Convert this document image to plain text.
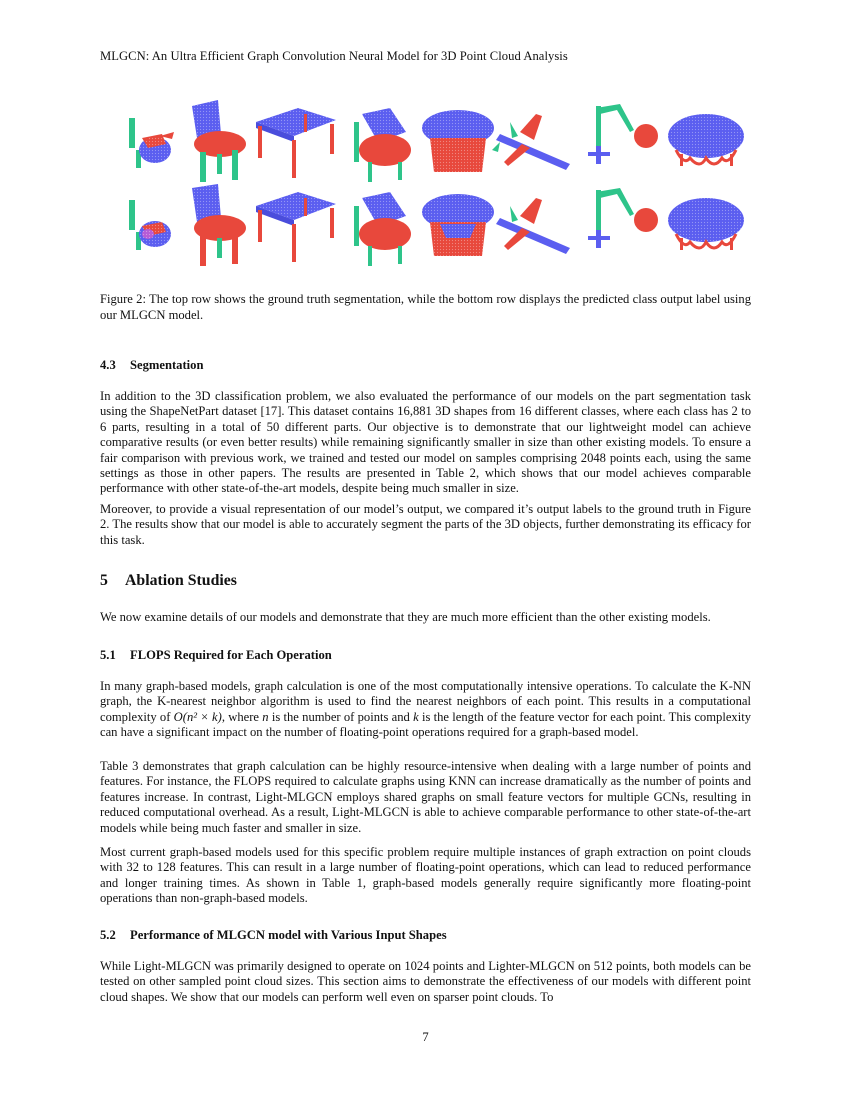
MLGCN: An Ultra Efficient Graph Convolution Neural Model for 3D Point Cloud Analysis
Figure 2: The top row shows the ground truth segmentation, while the bottom row displays the predicted class output label using our MLGCN model.
4.3 Segmentation
In addition to the 3D classification problem, we also evaluated the performance of our models on the part segmentation task using the ShapeNetPart dataset [17]. This dataset contains 16,881 3D shapes from 16 different classes, where each class has 2 to 6 parts, resulting in a total of 50 different parts. Our objective is to demonstrate that our lightweight model can achieve comparative results (or even better results) while remaining significantly smaller in size than other existing models. To ensure a fair comparison with previous work, we trained and tested our model on samples comprising 2048 points each, using the same settings as those in other papers. The results are presented in Table 2, which shows that our model achieves comparable performance with other state-of-the-art models, despite being much smaller in size.
Moreover, to provide a visual representation of our model’s output, we compared it’s output labels to the ground truth in Figure 2. The results show that our model is able to accurately segment the parts of the 3D objects, further demonstrating its efficacy for this task.
5 Ablation Studies
We now examine details of our models and demonstrate that they are much more efficient than the other existing models.
5.1 FLOPS Required for Each Operation
In many graph-based models, graph calculation is one of the most computationally intensive operations. To calculate the K-NN graph, the K-nearest neighbor algorithm is used to find the nearest neighbors of each point. This results in a computational complexity of O(n² × k), where n is the number of points and k is the length of the feature vector for each point. This complexity can have a significant impact on the number of floating-point operations required for a graph-based model.
Table 3 demonstrates that graph calculation can be highly resource-intensive when dealing with a large number of points and features. For instance, the FLOPS required to calculate graphs using KNN can increase dramatically as the number of points and features increase. In contrast, Light-MLGCN employs shared graphs on small feature vectors for multiple GCNs, resulting in reduced computational overhead. As a result, Light-MLGCN is able to achieve comparable performance to other state-of-the-art models while being much faster and smaller in size.
Most current graph-based models used for this specific problem require multiple instances of graph extraction on point clouds with 32 to 128 features. This can result in a large number of floating-point operations, which can lead to reduced performance and longer training times. As shown in Table 1, graph-based models generally require significantly more floating-point operations than non-graph-based models.
5.2 Performance of MLGCN model with Various Input Shapes
While Light-MLGCN was primarily designed to operate on 1024 points and Lighter-MLGCN on 512 points, both models can be tested on other sampled point cloud sizes. This section aims to demonstrate the effectiveness of our models with different point cloud shapes. We show that our models can perform well even on sparser point clouds. To
7
